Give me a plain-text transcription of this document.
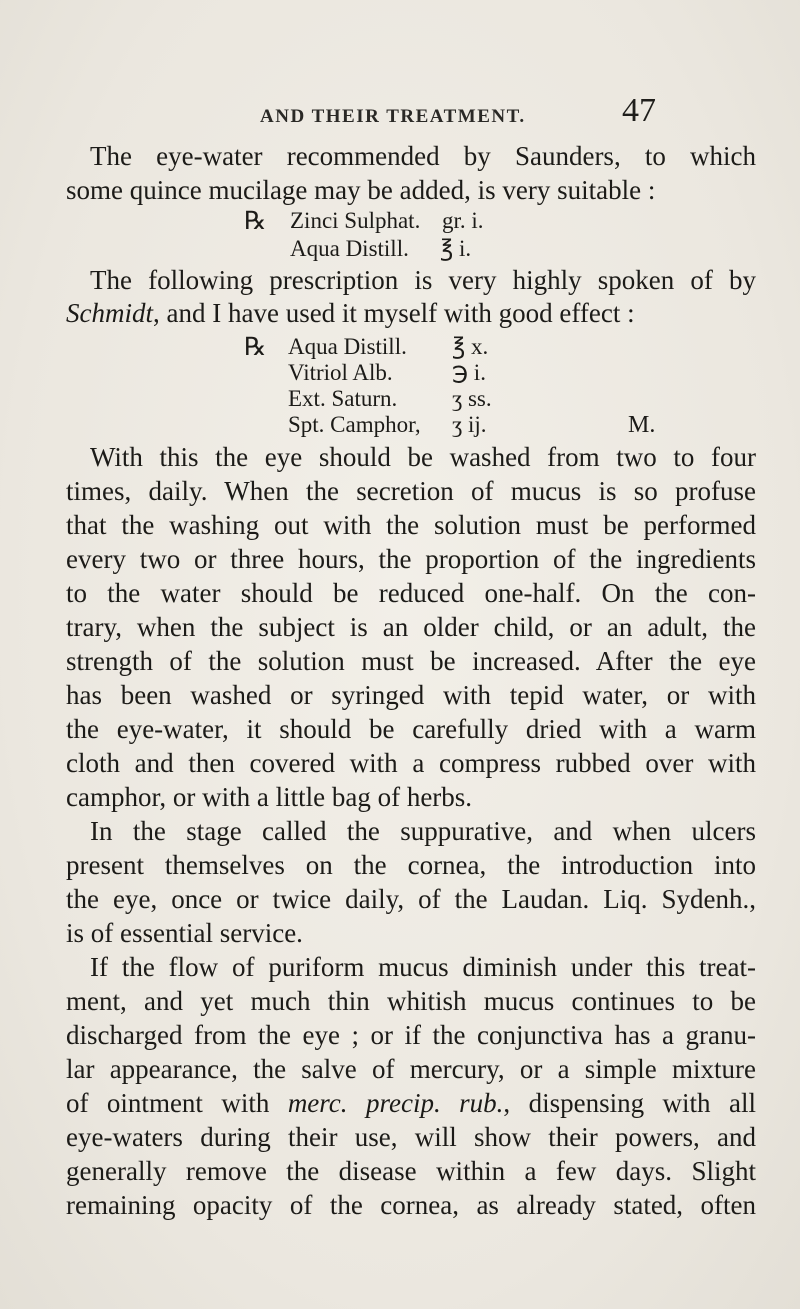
AND THEIR TREATMENT.	47
The eye-water recommended by Saunders, to which
some quince mucilage may be added, is very suitable :
℞ Zinci Sulphat. gr. i.
Aqua Distill. ℥ i.
The following prescription is very highly spoken of by
Schmidt, and I have used it myself with good effect :
℞ Aqua Distill. ℥ x.
Vitriol Alb.	℈ i.
Ext. Saturn. ʒ ss.
Spt. Camphor, ʒ ij.	M.
With this the eye should be washed from two to four
times, daily. When the secretion of mucus is so profuse
that the washing out with the solution must be performed
every two or three hours, the proportion of the ingredients
to the water should be reduced one-half. On the con-
trary, when the subject is an older child, or an adult, the
strength of the solution must be increased. After the eye
has been washed or syringed with tepid water, or with
the eye-water, it should be carefully dried with a warm
cloth and then covered with a compress rubbed over with
camphor, or with a little bag of herbs.
In the stage called the suppurative, and when ulcers
present themselves on the cornea, the introduction into
the eye, once or twice daily, of the Laudan. Liq. Sydenh.,
is of essential service.
If the flow of puriform mucus diminish under this treat-
ment, and yet much thin whitish mucus continues to be
discharged from the eye ; or if the conjunctiva has a granu-
lar appearance, the salve of mercury, or a simple mixture
of ointment with merc. precip. rub., dispensing with all
eye-waters during their use, will show their powers, and
generally remove the disease within a few days. Slight
remaining opacity of the cornea, as already stated, often
